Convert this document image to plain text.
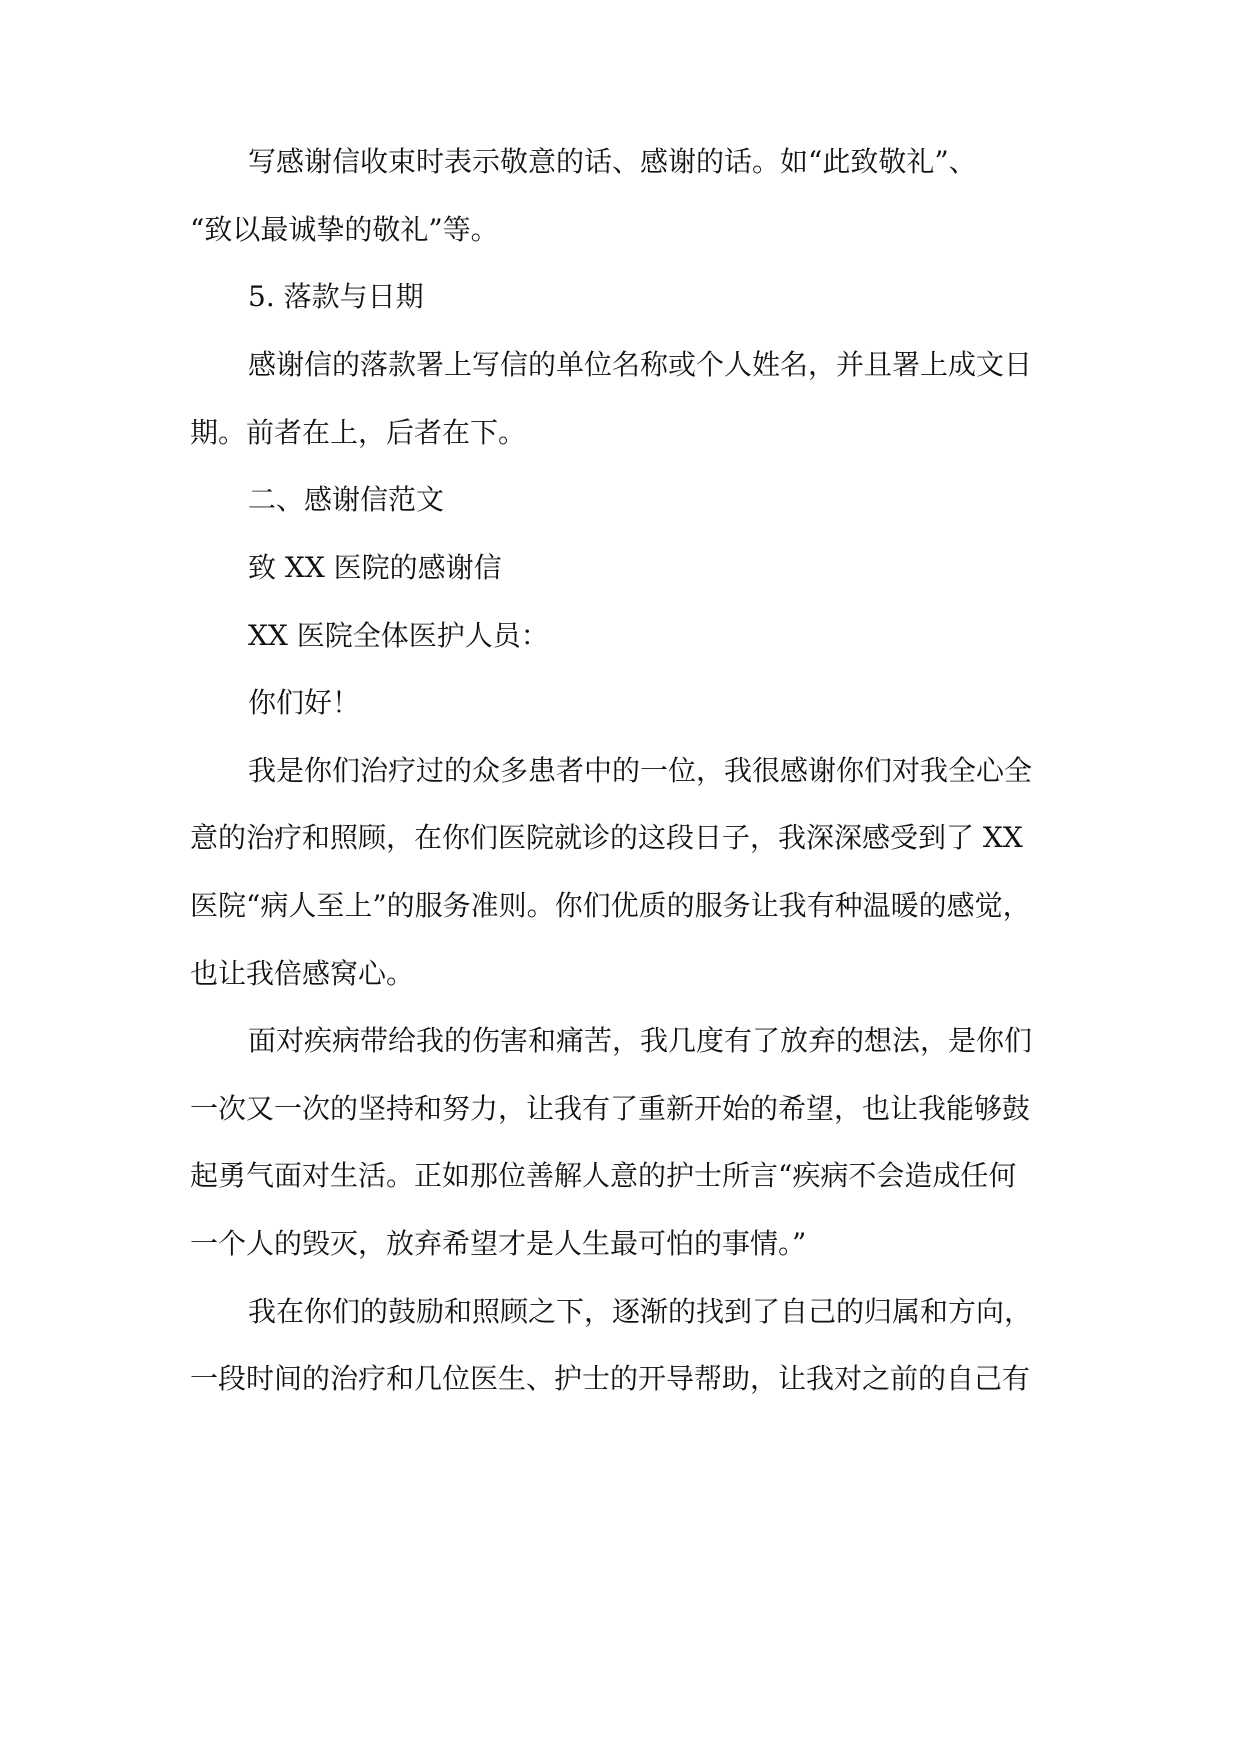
写感谢信收束时表示敬意的话、感谢的话。如“此致敬礼”、
“致以最诚挚的敬礼”等。
5. 落款与日期
感谢信的落款署上写信的单位名称或个人姓名，并且署上成文日
期。前者在上，后者在下。
二、感谢信范文
致 XX 医院的感谢信
XX 医院全体医护人员：
你们好！
我是你们治疗过的众多患者中的一位，我很感谢你们对我全心全
意的治疗和照顾，在你们医院就诊的这段日子，我深深感受到了 XX
医院“病人至上”的服务准则。你们优质的服务让我有种温暖的感觉，
也让我倍感窝心。
面对疾病带给我的伤害和痛苦，我几度有了放弃的想法，是你们
一次又一次的坚持和努力，让我有了重新开始的希望，也让我能够鼓
起勇气面对生活。正如那位善解人意的护士所言“疾病不会造成任何
一个人的毁灭，放弃希望才是人生最可怕的事情。”
我在你们的鼓励和照顾之下，逐渐的找到了自己的归属和方向，
一段时间的治疗和几位医生、护士的开导帮助，让我对之前的自己有
